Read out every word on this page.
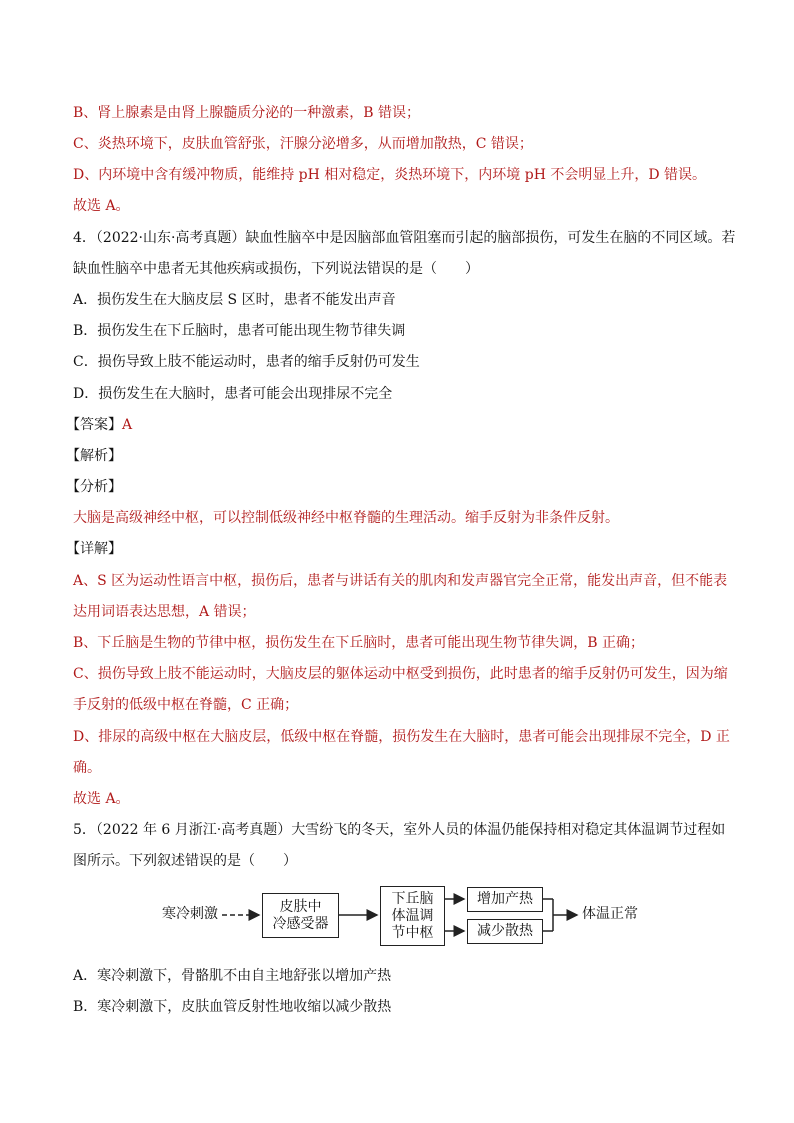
B、肾上腺素是由肾上腺髓质分泌的一种激素，B 错误；
C、炎热环境下，皮肤血管舒张，汗腺分泌增多，从而增加散热，C 错误；
D、内环境中含有缓冲物质，能维持 pH 相对稳定，炎热环境下，内环境 pH 不会明显上升，D 错误。
故选 A。
4．（2022·山东·高考真题）缺血性脑卒中是因脑部血管阻塞而引起的脑部损伤，可发生在脑的不同区域。若
缺血性脑卒中患者无其他疾病或损伤，下列说法错误的是（　　）
A．损伤发生在大脑皮层 S 区时，患者不能发出声音
B．损伤发生在下丘脑时，患者可能出现生物节律失调
C．损伤导致上肢不能运动时，患者的缩手反射仍可发生
D．损伤发生在大脑时，患者可能会出现排尿不完全
【答案】A
【解析】
【分析】
大脑是高级神经中枢，可以控制低级神经中枢脊髓的生理活动。缩手反射为非条件反射。
【详解】
A、S 区为运动性语言中枢，损伤后，患者与讲话有关的肌肉和发声器官完全正常，能发出声音，但不能表
达用词语表达思想，A 错误；
B、下丘脑是生物的节律中枢，损伤发生在下丘脑时，患者可能出现生物节律失调，B 正确；
C、损伤导致上肢不能运动时，大脑皮层的躯体运动中枢受到损伤，此时患者的缩手反射仍可发生，因为缩
手反射的低级中枢在脊髓，C 正确；
D、排尿的高级中枢在大脑皮层，低级中枢在脊髓，损伤发生在大脑时，患者可能会出现排尿不完全，D 正
确。
故选 A。
5．（2022 年 6 月浙江·高考真题）大雪纷飞的冬天，室外人员的体温仍能保持相对稳定其体温调节过程如
图所示。下列叙述错误的是（　　）
寒冷刺激	皮肤中
冷感受器
下丘脑
体温调
节中枢
增加产热
减少散热
体温正常
A．寒冷刺激下，骨骼肌不由自主地舒张以增加产热
B．寒冷刺激下，皮肤血管反射性地收缩以减少散热
